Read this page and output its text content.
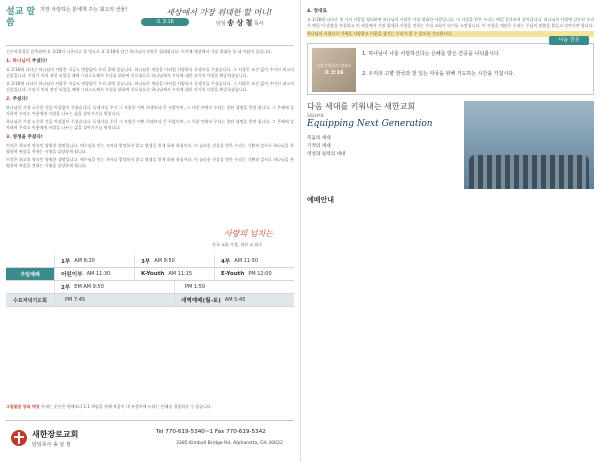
설교 말씀
가장 사랑하는 분에게 주는 최고의 선물!	세상에서 가장 위대한 할 머니!
요 3:16	담임 송 상 철 목사

신구약성경을 압축하면 요 3:16이 나온다고 할 정도로 요 3:16에 담긴 하나님의 사랑은 위대합니다. 어거에 세상에서 가장 위대한 할 네 까닭이 있습니다.

1. 하나님이 주셨다!

요 3:16에 나타난 하나님의 사랑은 지금도 변함없이 우리 곁에 있습니다. 하나님은 세상을 이처럼 사랑하사 독생자를 주셨습니다. 그 사랑은 조건 없이 주어진 최고의 선물입니다. 우리가 아직 죄인 되었을 때에 그리스도께서 우리를 위하여 죽으심으로 하나님께서 우리에 대한 자기의 사랑을 확증하셨습니다.

요 3:16에 나타난 하나님의 사랑은 지금도 변함없이 우리 곁에 있습니다. 하나님은 세상을 이처럼 사랑하사 독생자를 주셨습니다. 그 사랑은 조건 없이 주어진 최고의 선물입니다. 우리가 아직 죄인 되었을 때에 그리스도께서 우리를 위하여 죽으심으로 하나님께서 우리에 대한 자기의 사랑을 확증하셨습니다.

2. 주셨다!

하나님은 가장 소중한 것을 아낌없이 주셨습니다. 독생자를 주신 그 사랑은 어떤 희생보다 큰 사랑이며, 그 사랑 안에서 우리는 참된 생명을 얻게 됩니다. 그 은혜에 감사하며 우리도 이웃에게 사랑을 나누는 삶을 살아가기를 원합니다.

하나님은 가장 소중한 것을 아낌없이 주셨습니다. 독생자를 주신 그 사랑은 어떤 희생보다 큰 사랑이며, 그 사랑 안에서 우리는 참된 생명을 얻게 됩니다. 그 은혜에 감사하며 우리도 이웃에게 사랑을 나누는 삶을 살아가기를 원합니다.

3. 영생을 주셨다!

이것은 최고의 약속인 영원한 생명입니다. 예수님을 믿는 자마다 멸망하지 않고 영생을 얻게 하려 하심이라. 이 놀라운 선물을 받은 우리는 기쁨과 감사로 하나님을 찬양하며 복음을 전하는 사명을 감당하게 됩니다.

이것은 최고의 약속인 영원한 생명입니다. 예수님을 믿는 자마다 멸망하지 않고 영생을 얻게 하려 하심이라. 이 놀라운 선물을 받은 우리는 기쁨과 감사로 하나님을 찬양하며 복음을 전하는 사명을 감당하게 됩니다.

4. 정대로

요 3:16에 나타난 세 가지 사랑을 정리하면 하나님의 사랑은 가장 위대한 사랑입니다. 이 사랑을 받은 우리는 매일 감사하며 살아갑니다. 하나님의 사랑에 감동된 우리가 매일 이 말씀을 묵상하고 이 세상에서 가장 위대한 사랑을 전하는 우리 교회가 되기를 소망합니다. 이 사랑을 깨달은 우리는 주님의 말씀을 붙들고 살아가야 합니다.

하나님의 사랑으로 가족을 사랑하고 이웃을 섬기는 우리가 될 수 있도록 기도합시다.

나눔 질문
<송상철목사 말씀>
요 3:16
1. 하나님이 나를 사랑하신다는 은혜를 받은 간증을 나눠봅시다.
2. 우리의 고향 한국과 잘 있는 미국을 위해 기도하는 시간을 가집시다.
다음 세대를 키워내는 새한교회
SAEHAN
Equipping Next Generation
복음의 세대
기적의 세대
영성과 실력의 세대
예배안내
사랑의 넘치는
한국 교회 가정, 새한 교 회로
1부 AM 8:20	3부 AM 9:50	4부 AM 11:50
주일예배	어린이부 AM 11:30	K-Youth AM 11:15	E-Youth PM 12:00
2부 EM AM 9:50	PM 1:50
수요저녁기도회	PM 7:45	새벽예배(월-토) AM 5:45
그림말씀 양육 매칭 현재는 운동은 연해보다 1:1 애임을 통해 복음이 내 특정마에 누리는 은혜를 경험하실 수 있습니다.
새한장로교회
담임목사 송 상 철
Tel 770-619-5340~1 Fax 770-619-5342
3385 Kimball Bridge Rd, Alpharetta, GA 30022
